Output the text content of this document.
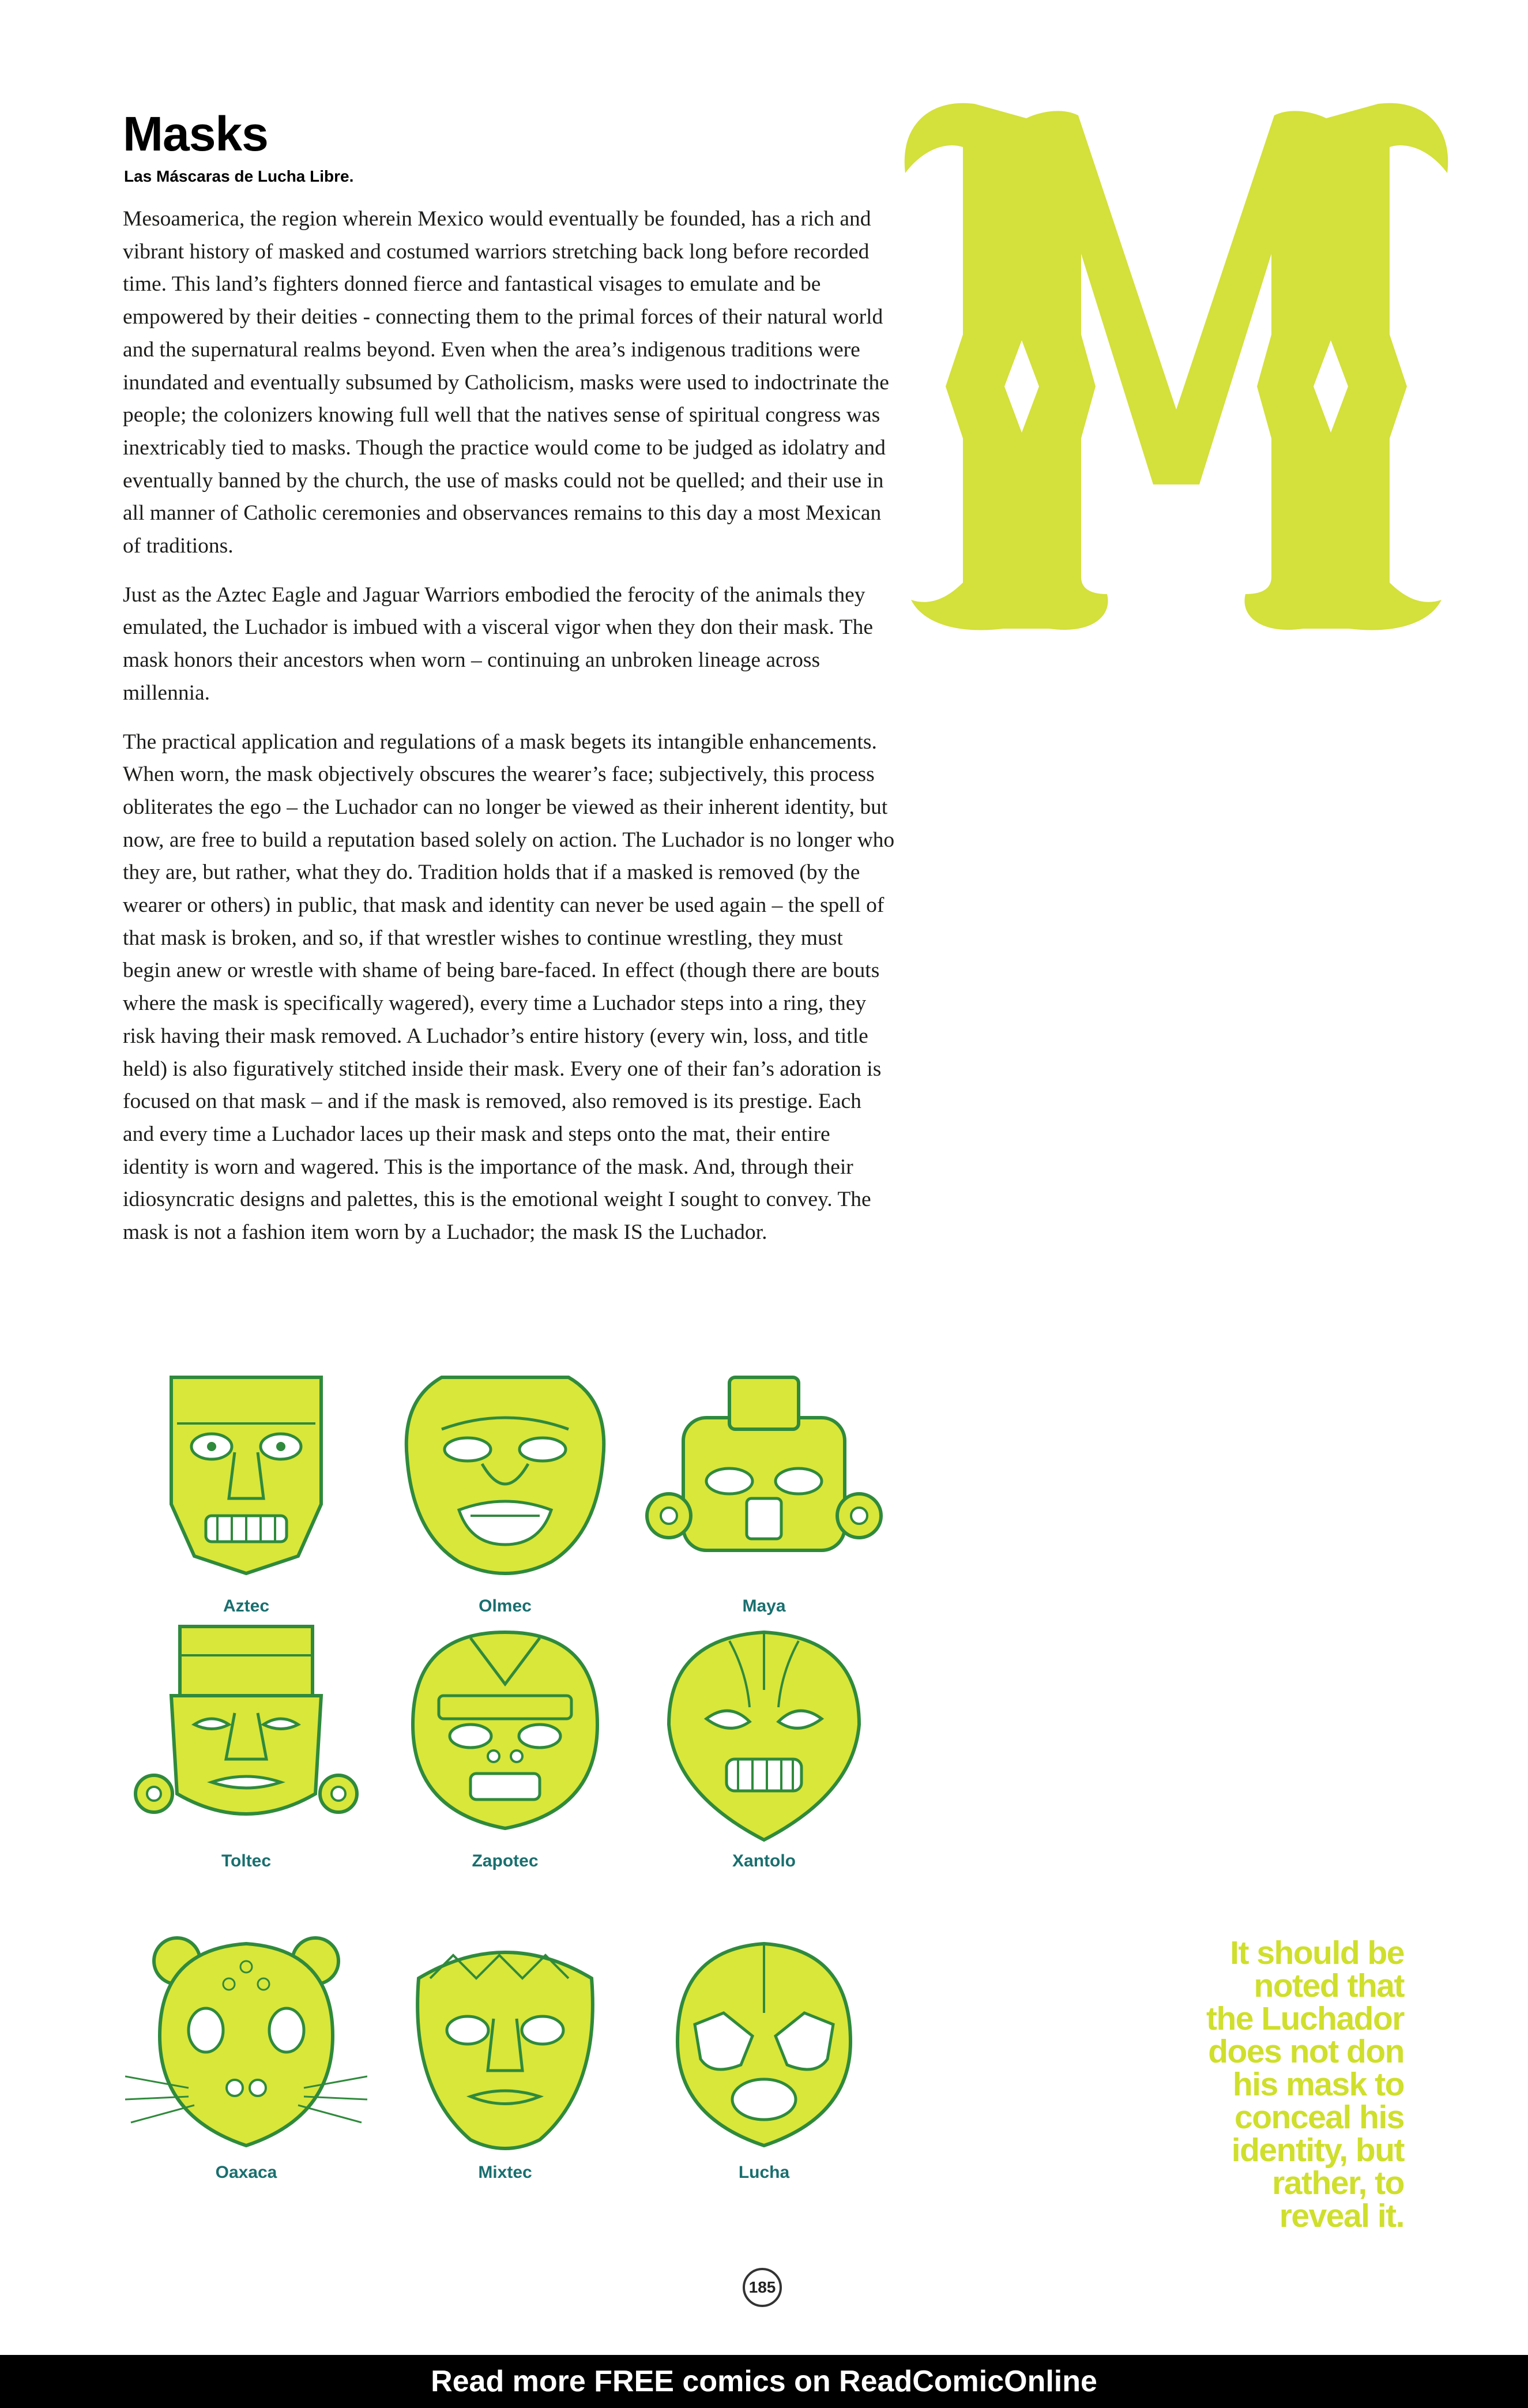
Masks

Las Máscaras de Lucha Libre.

Mesoamerica, the region wherein Mexico would eventually be founded, has a rich and vibrant history of masked and costumed warriors stretching back long before recorded time. This land’s fighters donned fierce and fantastical visages to emulate and be empowered by their deities - connecting them to the primal forces of their natural world and the supernatural realms beyond. Even when the area’s indigenous traditions were inundated and eventually subsumed by Catholicism, masks were used to indoctrinate the people; the colonizers knowing full well that the natives sense of spiritual congress was inextricably tied to masks. Though the practice would come to be judged as idolatry and eventually banned by the church, the use of masks could not be quelled; and their use in all manner of Catholic ceremonies and observances remains to this day a most Mexican of traditions.

Just as the Aztec Eagle and Jaguar Warriors embodied the ferocity of the animals they emulated, the Luchador is imbued with a visceral vigor when they don their mask. The mask honors their ancestors when worn – continuing an unbroken lineage across millennia.

The practical application and regulations of a mask begets its intangible enhancements. When worn, the mask objectively obscures the wearer’s face; subjectively, this process obliterates the ego – the Luchador can no longer be viewed as their inherent identity, but now, are free to build a reputation based solely on action. The Luchador is no longer who they are, but rather, what they do. Tradition holds that if a masked is removed (by the wearer or others) in public, that mask and identity can never be used again – the spell of that mask is broken, and so, if that wrestler wishes to continue wrestling, they must begin anew or wrestle with shame of being bare-faced. In effect (though there are bouts where the mask is specifically wagered), every time a Luchador steps into a ring, they risk having their mask removed. A Luchador’s entire history (every win, loss, and title held) is also figuratively stitched inside their mask. Every one of their fan’s adoration is focused on that mask – and if the mask is removed, also removed is its prestige. Each and every time a Luchador laces up their mask and steps onto the mat, their entire identity is worn and wagered. This is the importance of the mask. And, through their idiosyncratic designs and palettes, this is the emotional weight I sought to convey. The mask is not a fashion item worn by a Luchador; the mask IS the Luchador.

Aztec	Olmec	Maya
Toltec	Zapotec	Xantolo
Oaxaca	Mixtec	Lucha
It should be
noted that
the Luchador
does not don
his mask to
conceal his
identity, but
rather, to
reveal it.
185
Read more FREE comics on ReadComicOnline
